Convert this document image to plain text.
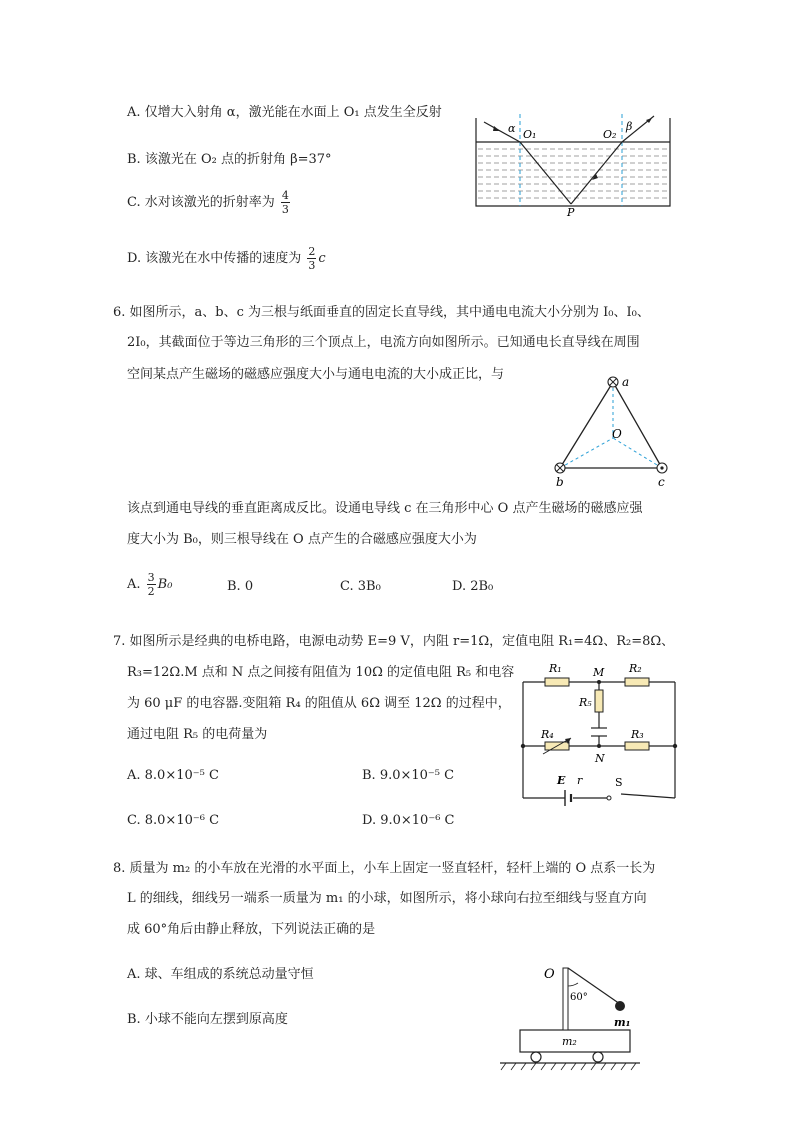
A. 仅增大入射角 α，激光能在水面上 O₁ 点发生全反射
B. 该激光在 O₂ 点的折射角 β=37°
C. 水对该激光的折射率为 $\frac{4}{3}$
D. 该激光在水中传播的速度为 $\frac{2}{3}$ c
α O₁	O₂
β
P
6. 如图所示，a、b、c 为三根与纸面垂直的固定长直导线，其中通电电流大小分别为 I₀、I₀、
2I₀，其截面位于等边三角形的三个顶点上，电流方向如图所示。已知通电长直导线在周围
空间某点产生磁场的磁感应强度大小与通电电流的大小成正比，与
该点到通电导线的垂直距离成反比。设通电导线 c 在三角形中心 O 点产生磁场的磁感应强
度大小为 B₀，则三根导线在 O 点产生的合磁感应强度大小为
A. $\frac{3}{2} B_0$	B. 0	C. 3B₀	D. 2B₀
a
b	c
O
7. 如图所示是经典的电桥电路，电源电动势 E=9 V，内阻 r=1Ω，定值电阻 R₁=4Ω、R₂=8Ω、
R₃=12Ω.M 点和 N 点之间接有阻值为 10Ω 的定值电阻 R₅ 和电容
为 60 μF 的电容器.变阻箱 R₄ 的阻值从 6Ω 调至 12Ω 的过程中，
通过电阻 R₅ 的电荷量为
A. 8.0×10⁻⁵ C	B. 9.0×10⁻⁵ C
C. 8.0×10⁻⁶ C	D. 9.0×10⁻⁶ C
R₁	R₂
M
R₅
R₄	R₃
N
E r	S
8. 质量为 m₂ 的小车放在光滑的水平面上，小车上固定一竖直轻杆，轻杆上端的 O 点系一长为
L 的细线，细线另一端系一质量为 m₁ 的小球，如图所示，将小球向右拉至细线与竖直方向
成 60°角后由静止释放，下列说法正确的是
A. 球、车组成的系统总动量守恒
B. 小球不能向左摆到原高度
O
60°
m₁
m₂
